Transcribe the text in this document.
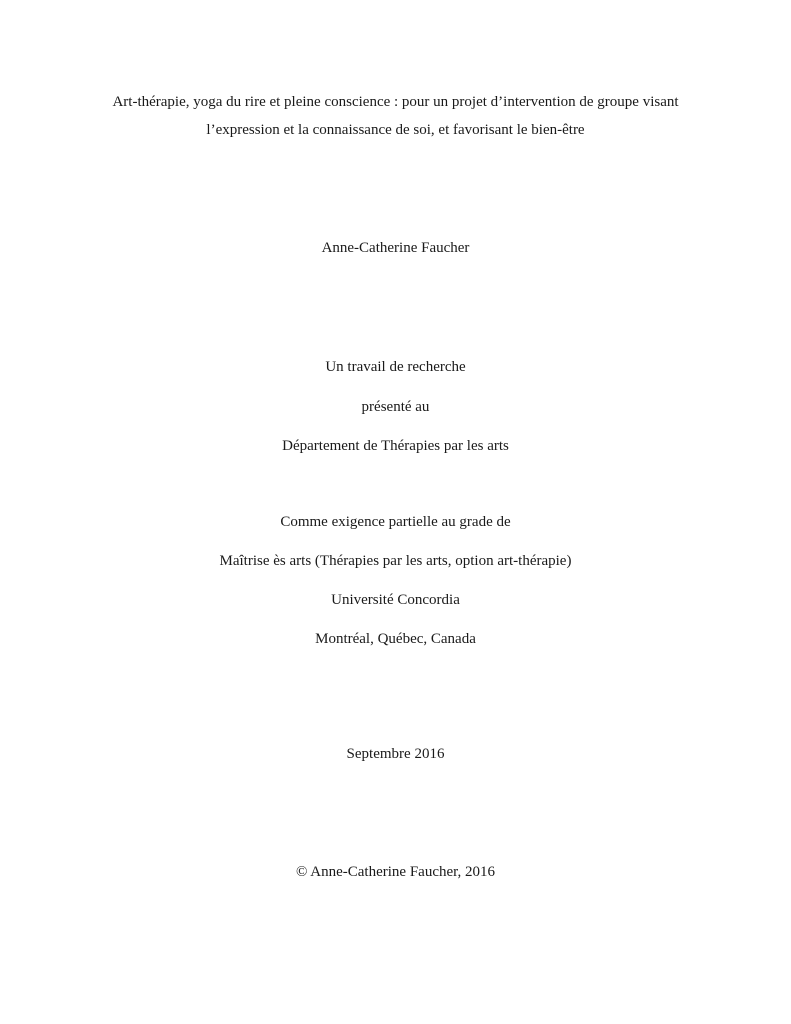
Art-thérapie, yoga du rire et pleine conscience : pour un projet d’intervention de groupe visant
l’expression et la connaissance de soi, et favorisant le bien-être
Anne-Catherine Faucher
Un travail de recherche
présenté au
Département de Thérapies par les arts
Comme exigence partielle au grade de
Maîtrise ès arts (Thérapies par les arts, option art-thérapie)
Université Concordia
Montréal, Québec, Canada
Septembre 2016
© Anne-Catherine Faucher, 2016
